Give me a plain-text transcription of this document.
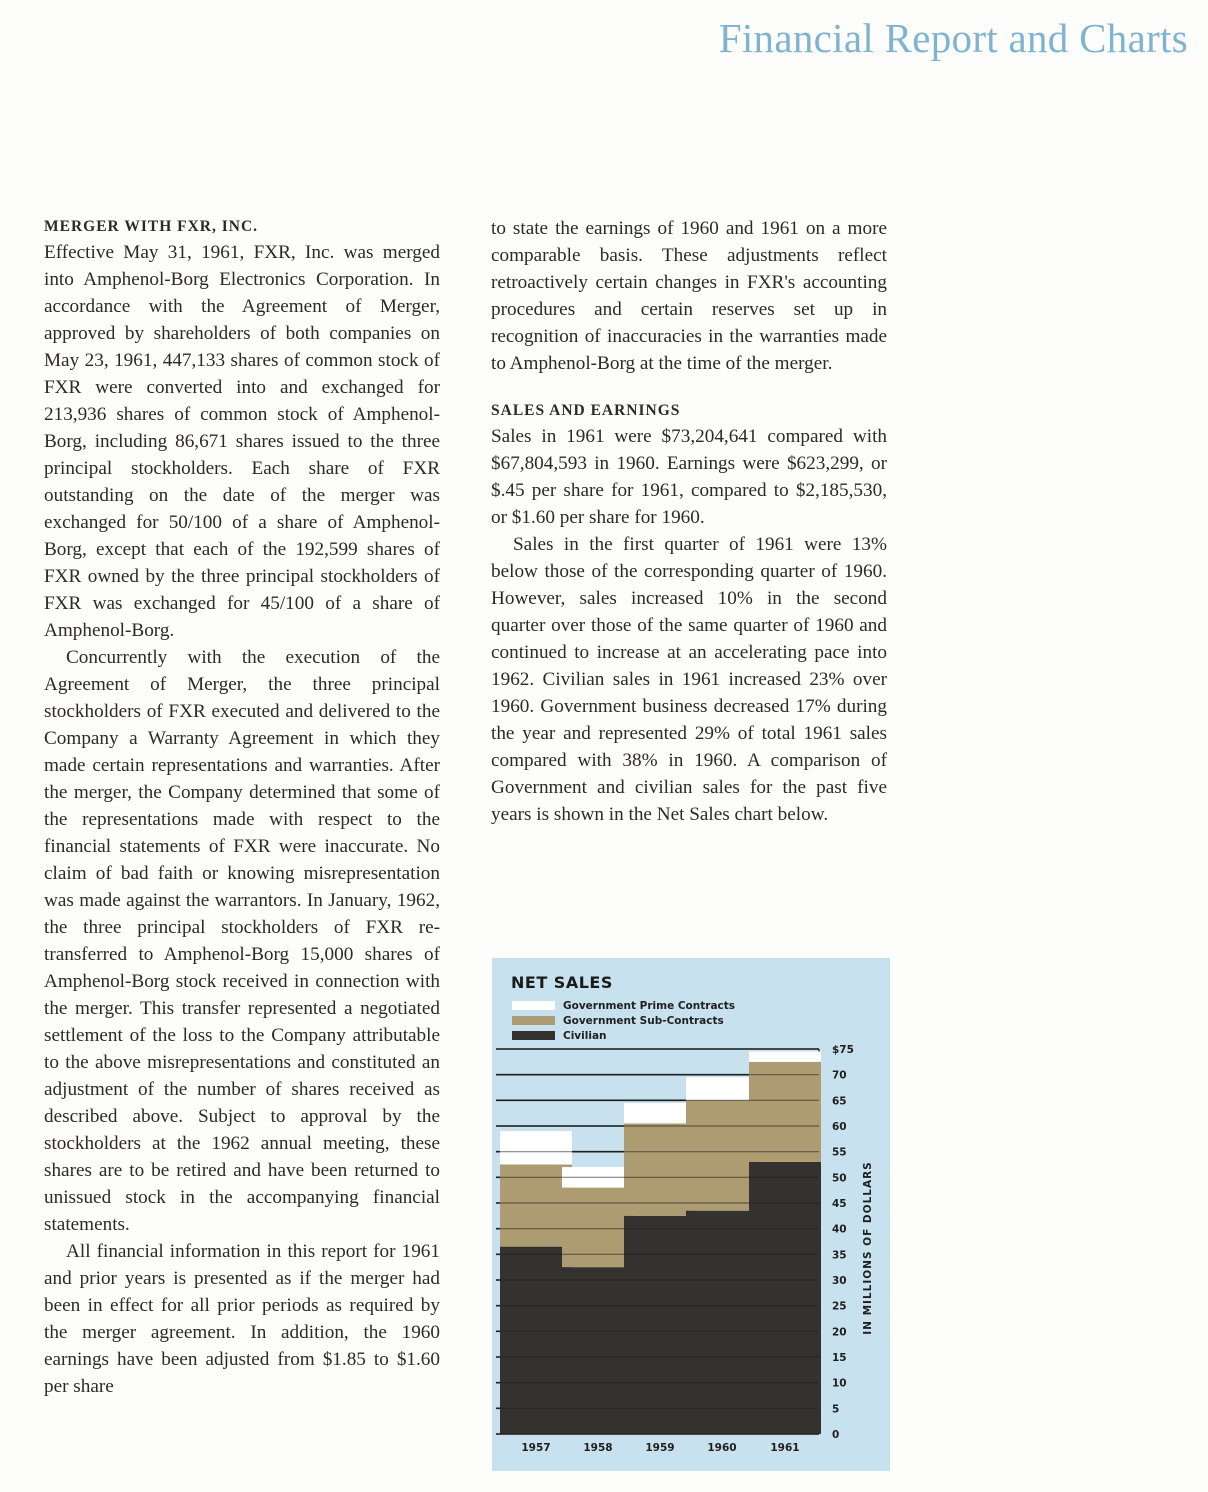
Financial Report and Charts
MERGER WITH FXR, INC.

Effective May 31, 1961, FXR, Inc. was merged into Amphenol-Borg Electronics Corporation. In accordance with the Agreement of Merger, approved by shareholders of both companies on May 23, 1961, 447,133 shares of common stock of FXR were converted into and exchanged for 213,936 shares of common stock of Amphenol-Borg, including 86,671 shares issued to the three principal stockholders. Each share of FXR outstanding on the date of the merger was exchanged for 50/100 of a share of Amphenol-Borg, except that each of the 192,599 shares of FXR owned by the three principal stockholders of FXR was exchanged for 45/100 of a share of Amphenol-Borg.

Concurrently with the execution of the Agreement of Merger, the three principal stockholders of FXR executed and delivered to the Company a Warranty Agreement in which they made certain representations and warranties. After the merger, the Company determined that some of the representations made with respect to the financial statements of FXR were inaccurate. No claim of bad faith or knowing misrepresentation was made against the warrantors. In January, 1962, the three principal stockholders of FXR retransferred to Amphenol-Borg 15,000 shares of Amphenol-Borg stock received in connection with the merger. This transfer represented a negotiated settlement of the loss to the Company attributable to the above misrepresentations and constituted an adjustment of the number of shares received as described above. Subject to approval by the stockholders at the 1962 annual meeting, these shares are to be retired and have been returned to unissued stock in the accompanying financial statements.

All financial information in this report for 1961 and prior years is presented as if the merger had been in effect for all prior periods as required by the merger agreement. In addition, the 1960 earnings have been adjusted from $1.85 to $1.60 per share

to state the earnings of 1960 and 1961 on a more comparable basis. These adjustments reflect retroactively certain changes in FXR's accounting procedures and certain reserves set up in recognition of inaccuracies in the warranties made to Amphenol-Borg at the time of the merger.

SALES AND EARNINGS

Sales in 1961 were $73,204,641 compared with $67,804,593 in 1960. Earnings were $623,299, or $.45 per share for 1961, compared to $2,185,530, or $1.60 per share for 1960.

Sales in the first quarter of 1961 were 13% below those of the corresponding quarter of 1960. However, sales increased 10% in the second quarter over those of the same quarter of 1960 and continued to increase at an accelerating pace into 1962. Civilian sales in 1961 increased 23% over 1960. Government business decreased 17% during the year and represented 29% of total 1961 sales compared with 38% in 1960. A comparison of Government and civilian sales for the past five years is shown in the Net Sales chart below.

NET SALES
Government Prime Contracts
Government Sub-Contracts
Civilian
0
5
10
15
20
25
30
35
40
45
50
55
60
65
70
$75
1957	1958	1959	1960	1961
IN MILLIONS OF DOLLARS
